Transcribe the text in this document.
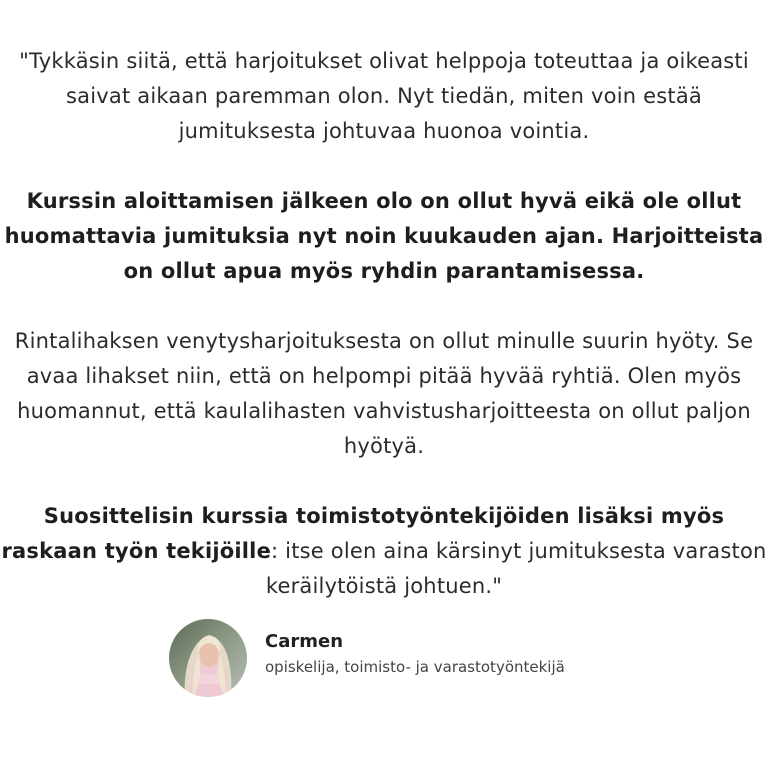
"Tykkäsin siitä, että harjoitukset olivat helppoja toteuttaa ja oikeasti saivat aikaan paremman olon. Nyt tiedän, miten voin estää jumituksesta johtuvaa huonoa vointia.

Kurssin aloittamisen jälkeen olo on ollut hyvä eikä ole ollut huomattavia jumituksia nyt noin kuukauden ajan. Harjoitteista on ollut apua myös ryhdin parantamisessa.

Rintalihaksen venytysharjoituksesta on ollut minulle suurin hyöty. Se avaa lihakset niin, että on helpompi pitää hyvää ryhtiä. Olen myös huomannut, että kaulalihasten vahvistusharjoitteesta on ollut paljon hyötyä.

Suosittelisin kurssia toimistotyöntekijöiden lisäksi myös raskaan työn tekijöille: itse olen aina kärsinyt jumituksesta varaston keräilytöistä johtuen."

Carmen
opiskelija, toimisto- ja varastotyöntekijä
